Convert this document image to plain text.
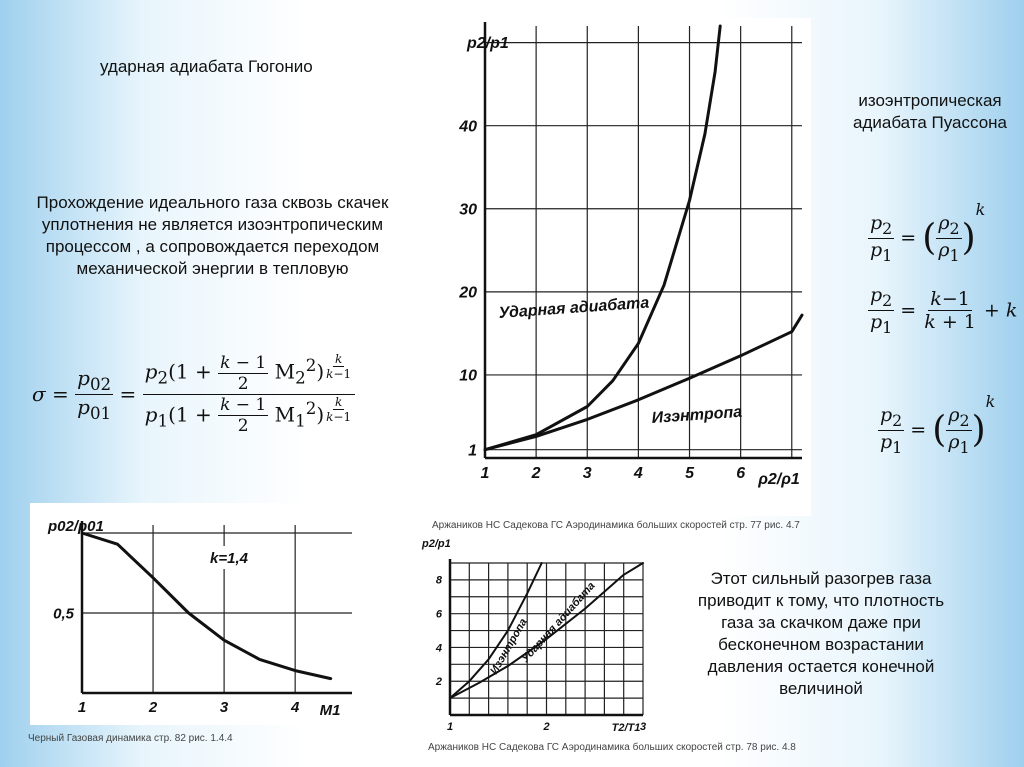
ударная адиабата Гюгонио
изоэнтропическая адиабата Пуассона
Прохождение идеального газа сквозь скачек уплотнения не является изоэнтропическим процессом , а сопровождается переходом механической энергии в тепловую
Этот сильный разогрев газа приводит к тому, что плотность газа за скачком даже при бесконечном возрастании давления остается конечной величиной
$\sigma = \frac{p_{02}}{p_{01}} = p_2(1 + \frac{k - 1}{2} M_2^2)$ $^{\frac{k}{k-1}}$
$p_1(1 + \frac{k - 1}{2} M_1^2)$ $^{\frac{k}{k-1}}$
$\frac{p_2}{p_1}$ = ( $\frac{\rho_2}{\rho_1} )^k$
$\frac{p_2}{p_1} = \frac{k-1}{k + 1} + k$
$\frac{p_2}{p_1}$ = ( $\frac{\rho_2}{\rho_1} )^k$
1
10
20
30
40
1	2	3	4	5	6
p2/p1
ρ2/ρ1
Ударная адиабата
Изэнтропа
Аржаников НС Садекова ГС Аэродинамика больших скоростей стр. 77 рис. 4.7
0,5
1	2	3	4
p02/p01
M1
k=1,4
Черный Газовая динамика стр. 82 рис. 1.4.4
2
4
6
8
1	2	3
p2/p1
T2/T1
Изэнтропа
Ударная адиабата
Аржаников НС Садекова ГС Аэродинамика больших скоростей стр. 78 рис. 4.8
